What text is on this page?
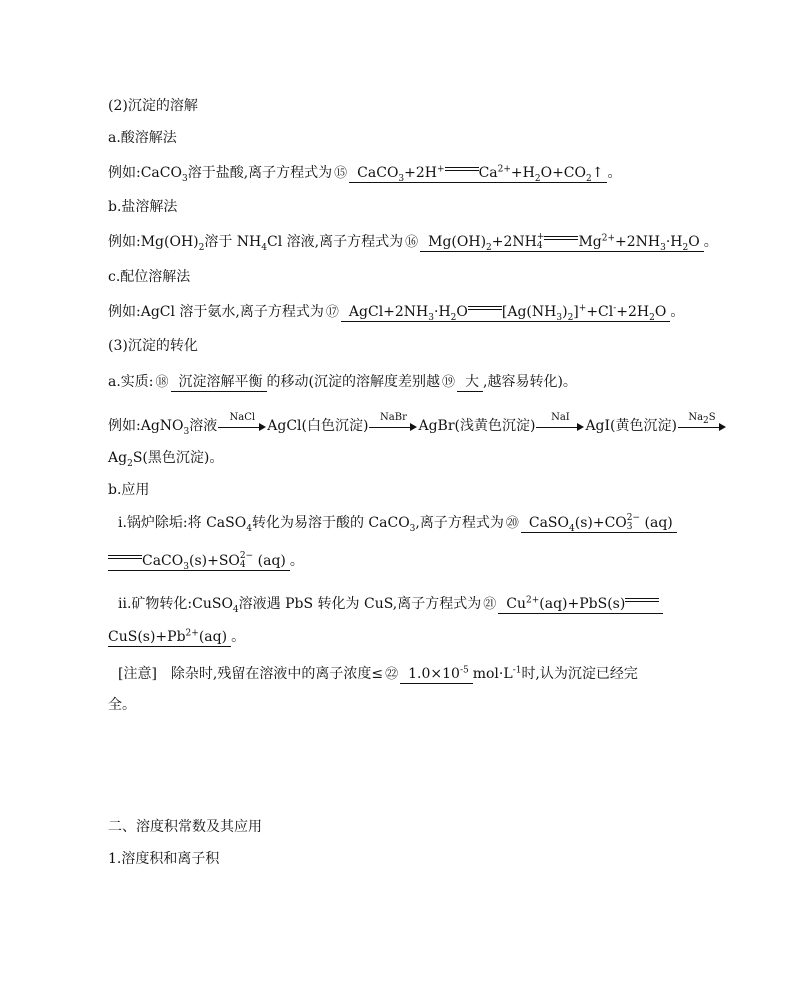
(2)沉淀的溶解
a.酸溶解法
例如:CaCO$_3$溶于盐酸,离子方程式为 ⑮ CaCO$_3$+2H+ $Ca^{2+}+H_2O+CO_2↑$ 。
b.盐溶解法
例如$:Mg(OH)_2$溶于 $NH_4Cl$ 溶液,离子方程式为 ⑯ $Mg(OH)_2+2NH+$
4	$Mg^{2+}+2NH_3\cdot H_2O$ 。
c.配位溶解法
例如:AgCl 溶于氨水,离子方程式为 ⑰ $AgCl+2NH_3\cdot H_2O$ $[Ag(NH_3)_2]^++Cl^-+2H_2O$ 。
(3)沉淀的转化
a.实质: ⑱ 沉淀溶解平衡 的移动(沉淀的溶解度差别越 ⑲ 大 ,越容易转化)。
例如:AgNO$_3$溶液
NaCl
AgCl(白色沉淀)
NaBr
AgBr(浅黄色沉淀)
NaI
AgI(黄色沉淀)
$Na_2S$
$Ag_2S$(黑色沉淀)。
b.应用
ⅰ.锅炉除垢:将 CaSO$_4$转化为易溶于酸的 CaCO$_3$,离子方程式为 ⑳ CaSO$_4$(s)+CO2−
3 (aq)
CaCO$_3$(s)+SO2−
4 (aq) 。
ⅱ.矿物转化:CuSO$_4$溶液遇 PbS 转化为 CuS,离子方程式为 ㉑ $Cu^{2+}(aq)+PbS(s)$
$CuS(s)+Pb^{2+}(aq)$ 。
[注意]　除杂时,残留在溶液中的离子浓度≤ ㉒ $1.0\times 10^{-5}$ $mol\cdot L^{-1}$时,认为沉淀已经完
全。
二、溶度积常数及其应用
1.溶度积和离子积
